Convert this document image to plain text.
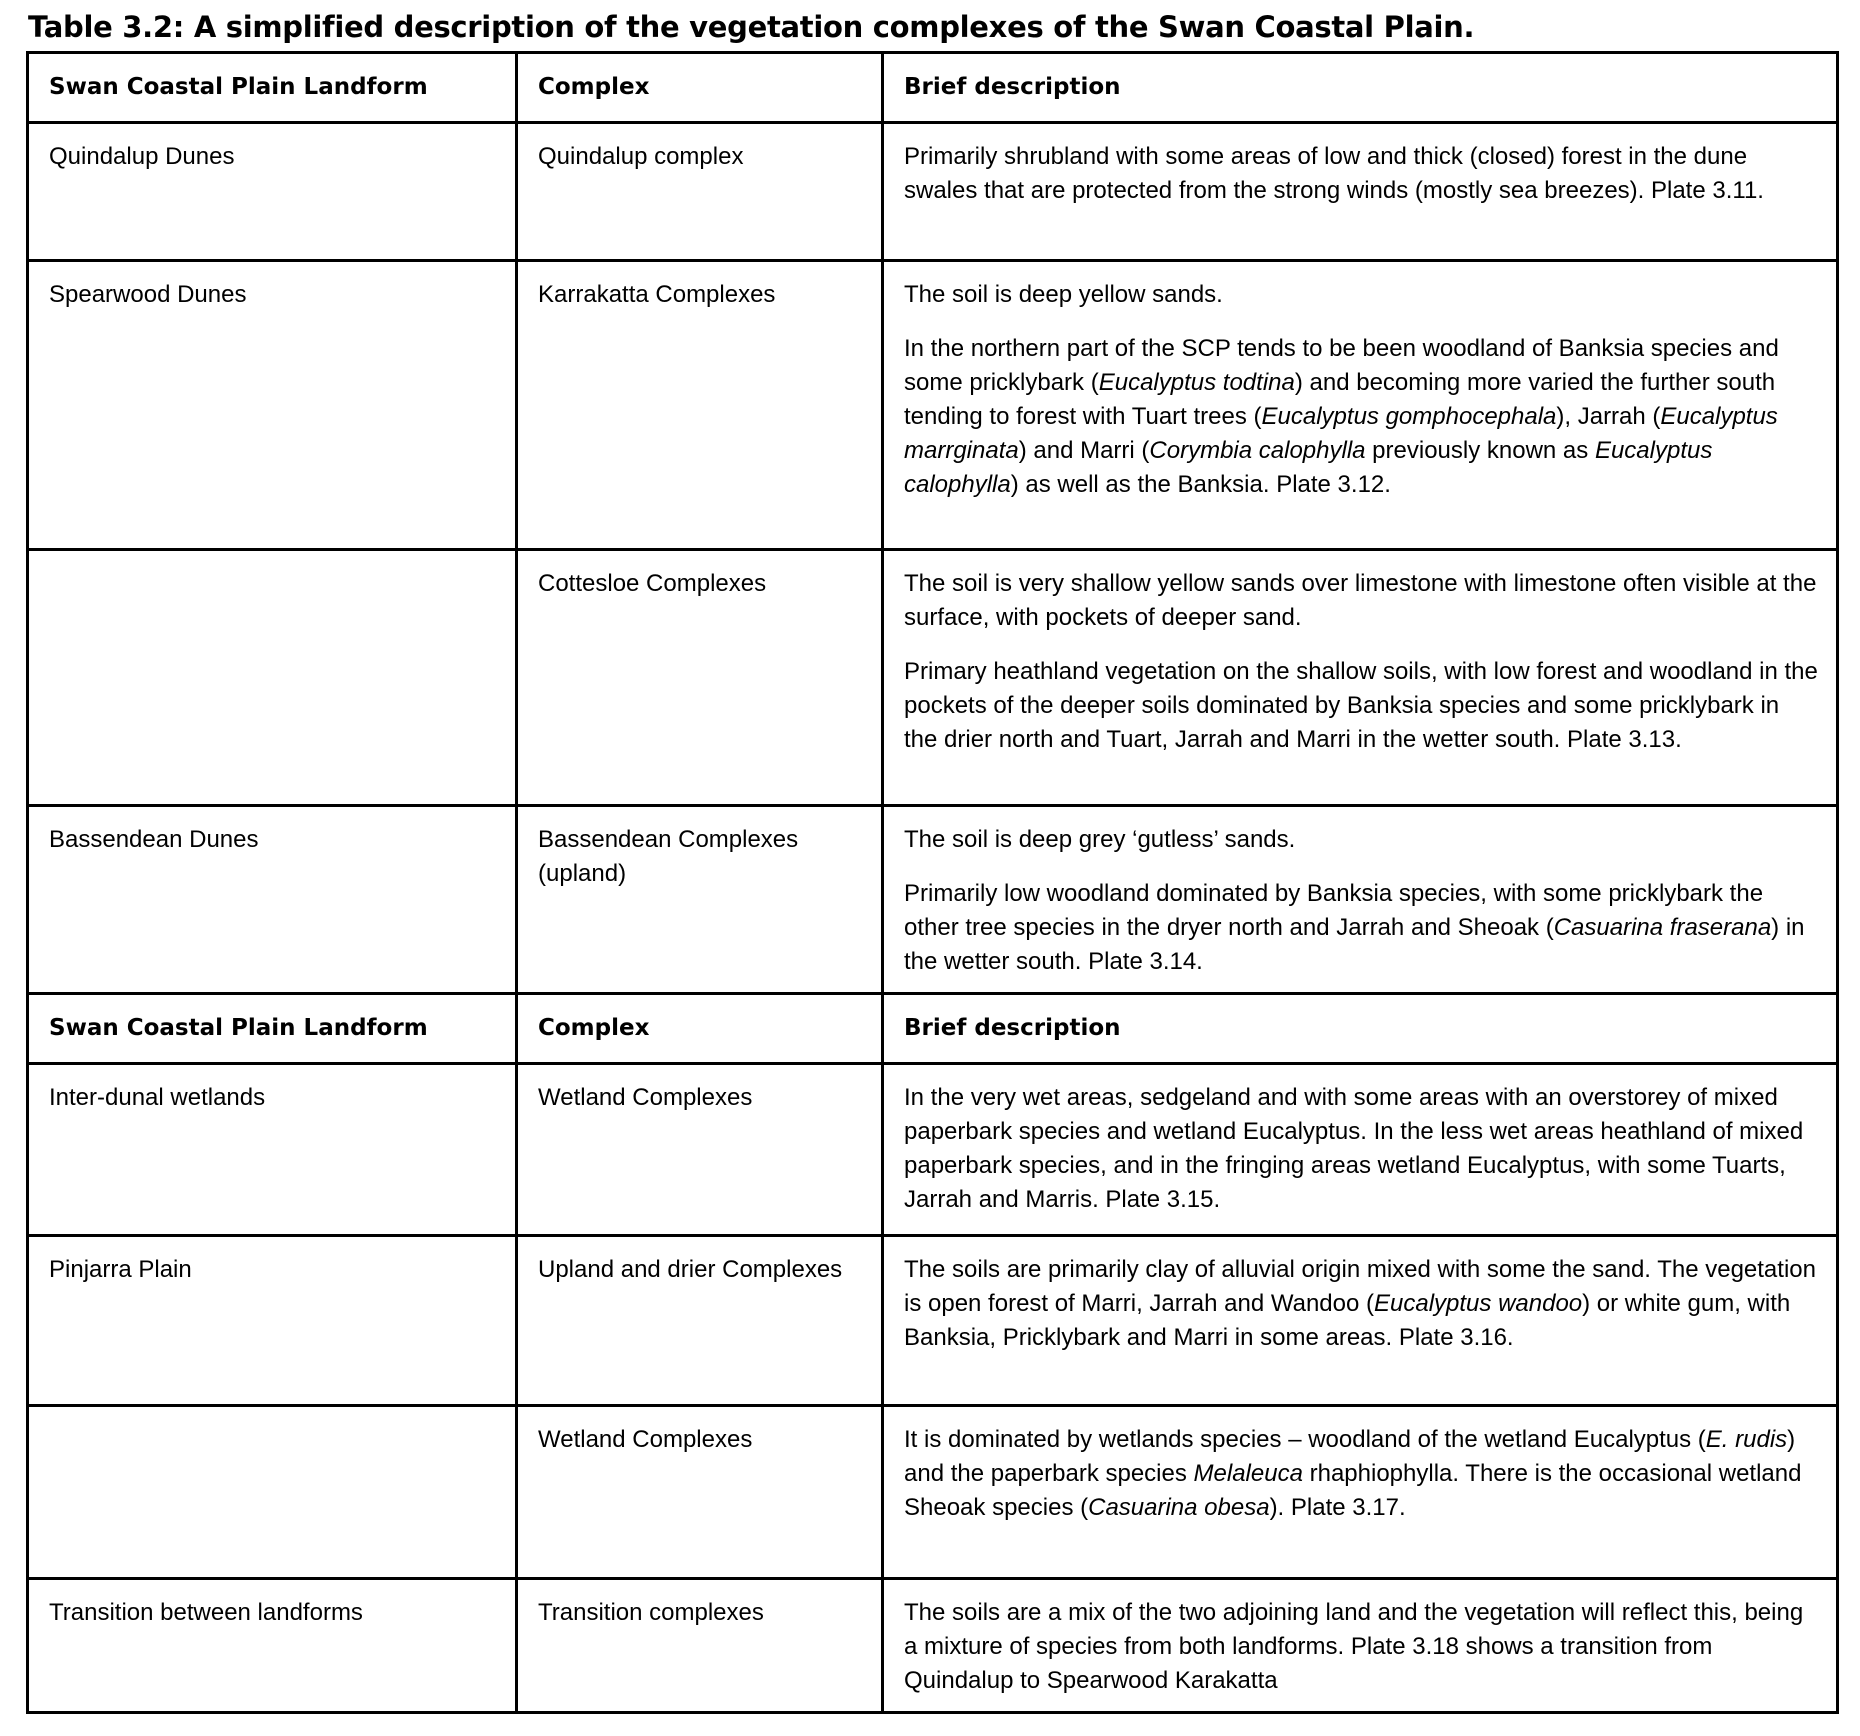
Table 3.2: A simplified description of the vegetation complexes of the Swan Coastal Plain.
Swan Coastal Plain Landform	Complex	Brief description
Quindalup Dunes	Quindalup complex	Primarily shrubland with some areas of low and thick (closed) forest in the dune swales that are protected from the strong winds (mostly sea breezes). Plate 3.11.

Spearwood Dunes	Karrakatta Complexes	The soil is deep yellow sands.

In the northern part of the SCP tends to be been woodland of Banksia species and some pricklybark (Eucalyptus todtina) and becoming more varied the further south tending to forest with Tuart trees (Eucalyptus gomphocephala), Jarrah (Eucalyptus marrginata) and Marri (Corymbia calophylla previously known as Eucalyptus calophylla) as well as the Banksia. Plate 3.12.

	Cottesloe Complexes	The soil is very shallow yellow sands over limestone with limestone often visible at the surface, with pockets of deeper sand.

Primary heathland vegetation on the shallow soils, with low forest and woodland in the pockets of the deeper soils dominated by Banksia species and some pricklybark in the drier north and Tuart, Jarrah and Marri in the wetter south. Plate 3.13.

Bassendean Dunes	Bassendean Complexes (upland)	The soil is deep grey ‘gutless’ sands.

Primarily low woodland dominated by Banksia species, with some pricklybark the other tree species in the dryer north and Jarrah and Sheoak (Casuarina fraserana) in the wetter south. Plate 3.14.

Swan Coastal Plain Landform	Complex	Brief description
Inter-dunal wetlands	Wetland Complexes	In the very wet areas, sedgeland and with some areas with an overstorey of mixed paperbark species and wetland Eucalyptus. In the less wet areas heathland of mixed paperbark species, and in the fringing areas wetland Eucalyptus, with some Tuarts, Jarrah and Marris. Plate 3.15.

Pinjarra Plain	Upland and drier Complexes	The soils are primarily clay of alluvial origin mixed with some the sand. The vegetation is open forest of Marri, Jarrah and Wandoo (Eucalyptus wandoo) or white gum, with Banksia, Pricklybark and Marri in some areas. Plate 3.16.

	Wetland Complexes	It is dominated by wetlands species – woodland of the wetland Eucalyptus (E. rudis) and the paperbark species Melaleuca rhaphiophylla. There is the occasional wetland Sheoak species (Casuarina obesa). Plate 3.17.

Transition between landforms	Transition complexes	The soils are a mix of the two adjoining land and the vegetation will reflect this, being a mixture of species from both landforms. Plate 3.18 shows a transition from Quindalup to Spearwood Karakatta
